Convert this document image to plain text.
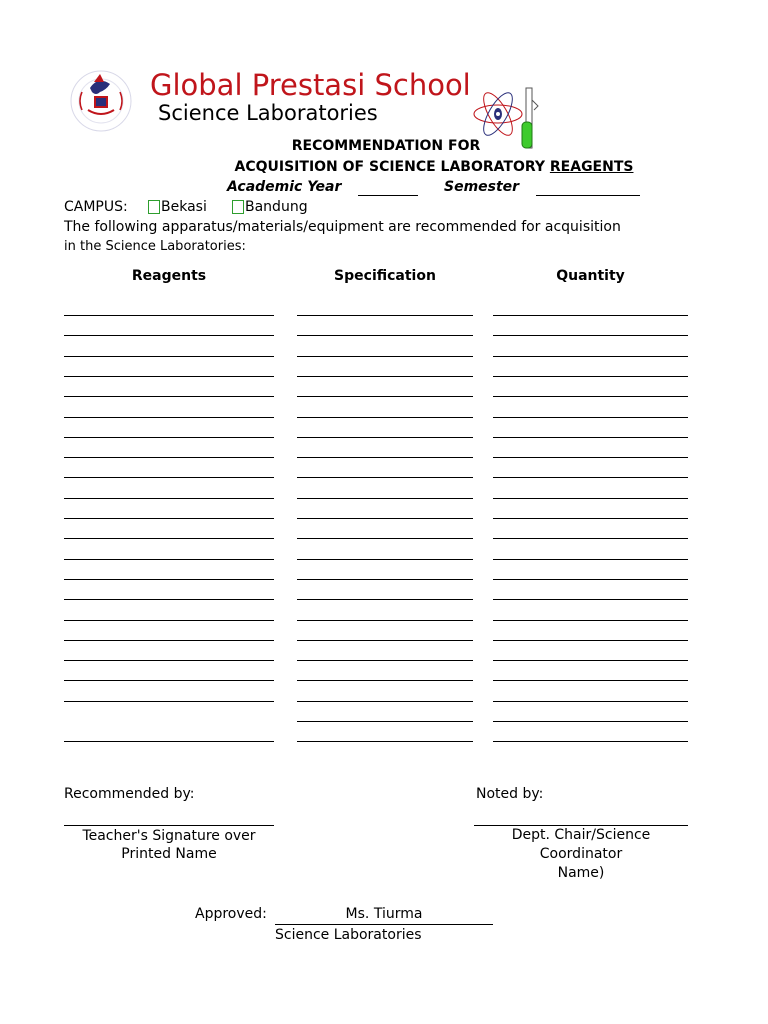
Global Prestasi School
Science Laboratories
RECOMMENDATION FOR
ACQUISITION OF SCIENCE LABORATORY REAGENTS
Academic Year	Semester
CAMPUS: Bekasi	Bandung
The following apparatus/materials/equipment are recommended for acquisition
in the Science Laboratories:
Reagents	Specification	Quantity
Recommended by:
Teacher's Signature over
Printed Name
Noted by:
Dept. Chair/Science
Coordinator
Name)
Approved:	Ms. Tiurma
Science Laboratories
